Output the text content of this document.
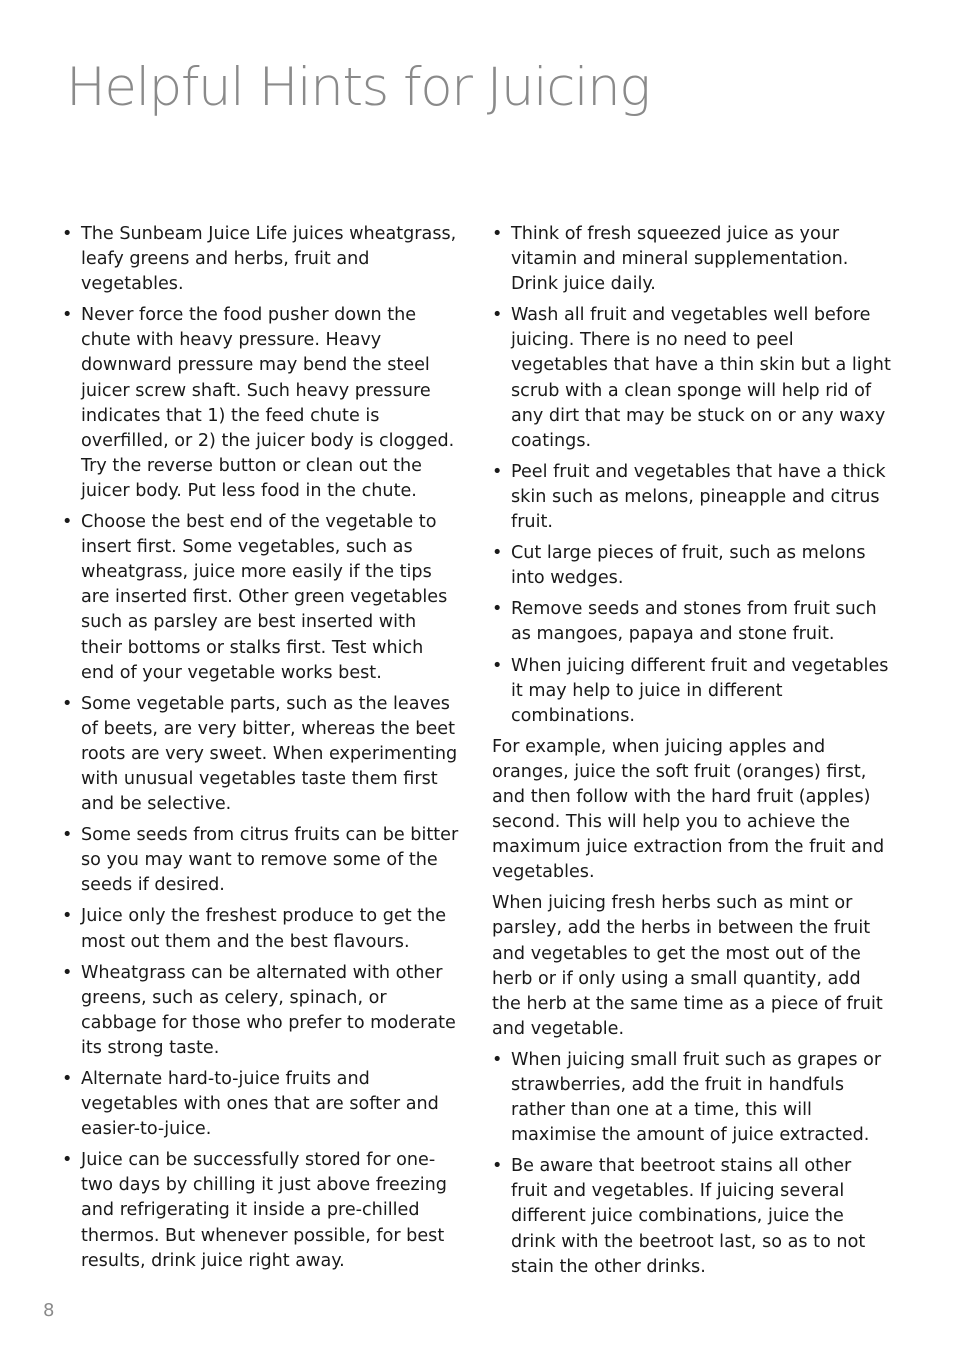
Helpful Hints for Juicing
• The Sunbeam Juice Life juices wheatgrass, leafy greens and herbs, fruit and vegetables.
• Never force the food pusher down the chute with heavy pressure. Heavy downward pressure may bend the steel juicer screw shaft. Such heavy pressure indicates that 1) the feed chute is overfilled, or 2) the juicer body is clogged. Try the reverse button or clean out the juicer body. Put less food in the chute.
• Choose the best end of the vegetable to insert first. Some vegetables, such as wheatgrass, juice more easily if the tips are inserted first. Other green vegetables such as parsley are best inserted with their bottoms or stalks first. Test which end of your vegetable works best.
• Some vegetable parts, such as the leaves of beets, are very bitter, whereas the beet roots are very sweet. When experimenting with unusual vegetables taste them first and be selective.
• Some seeds from citrus fruits can be bitter so you may want to remove some of the seeds if desired.
• Juice only the freshest produce to get the most out them and the best flavours.
• Wheatgrass can be alternated with other greens, such as celery, spinach, or cabbage for those who prefer to moderate its strong taste.
• Alternate hard-to-juice fruits and vegetables with ones that are softer and easier-to-juice.
• Juice can be successfully stored for one-two days by chilling it just above freezing and refrigerating it inside a pre-chilled thermos. But whenever possible, for best results, drink juice right away.
• Think of fresh squeezed juice as your vitamin and mineral supplementation. Drink juice daily.
• Wash all fruit and vegetables well before juicing. There is no need to peel vegetables that have a thin skin but a light scrub with a clean sponge will help rid of any dirt that may be stuck on or any waxy coatings.
• Peel fruit and vegetables that have a thick skin such as melons, pineapple and citrus fruit.
• Cut large pieces of fruit, such as melons into wedges.
• Remove seeds and stones from fruit such as mangoes, papaya and stone fruit.
• When juicing different fruit and vegetables it may help to juice in different combinations.

For example, when juicing apples and oranges, juice the soft fruit (oranges) first, and then follow with the hard fruit (apples) second. This will help you to achieve the maximum juice extraction from the fruit and vegetables.

When juicing fresh herbs such as mint or parsley, add the herbs in between the fruit and vegetables to get the most out of the herb or if only using a small quantity, add the herb at the same time as a piece of fruit and vegetable.

• When juicing small fruit such as grapes or strawberries, add the fruit in handfuls rather than one at a time, this will maximise the amount of juice extracted.
• Be aware that beetroot stains all other fruit and vegetables. If juicing several different juice combinations, juice the drink with the beetroot last, so as to not stain the other drinks.
8
